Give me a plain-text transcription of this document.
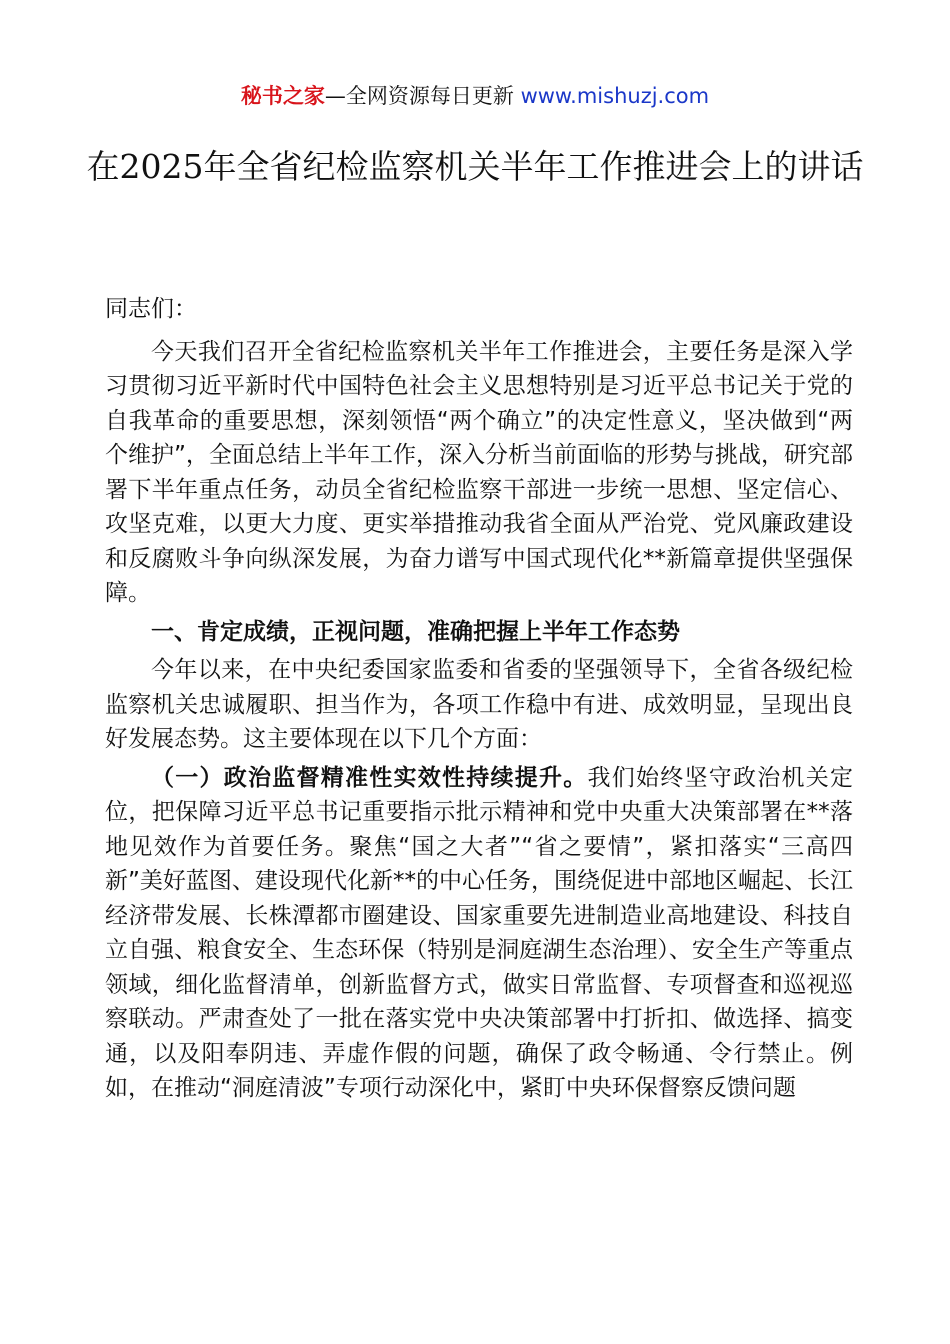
秘书之家—全网资源每日更新 www.mishuzj.com
在2025年全省纪检监察机关半年工作推进会上的讲话

同志们：

今天我们召开全省纪检监察机关半年工作推进会，主要任务是深入学习贯彻习近平新时代中国特色社会主义思想特别是习近平总书记关于党的自我革命的重要思想，深刻领悟“两个确立”的决定性意义，坚决做到“两个维护”，全面总结上半年工作，深入分析当前面临的形势与挑战，研究部署下半年重点任务，动员全省纪检监察干部进一步统一思想、坚定信心、攻坚克难，以更大力度、更实举措推动我省全面从严治党、党风廉政建设和反腐败斗争向纵深发展，为奋力谱写中国式现代化**新篇章提供坚强保障。

一、肯定成绩，正视问题，准确把握上半年工作态势

今年以来，在中央纪委国家监委和省委的坚强领导下，全省各级纪检监察机关忠诚履职、担当作为，各项工作稳中有进、成效明显，呈现出良好发展态势。这主要体现在以下几个方面：

（一）政治监督精准性实效性持续提升。我们始终坚守政治机关定位，把保障习近平总书记重要指示批示精神和党中央重大决策部署在**落地见效作为首要任务。聚焦“国之大者”“省之要情”，紧扣落实“三高四新”美好蓝图、建设现代化新**的中心任务，围绕促进中部地区崛起、长江经济带发展、长株潭都市圈建设、国家重要先进制造业高地建设、科技自立自强、粮食安全、生态环保（特别是洞庭湖生态治理）、安全生产等重点领域，细化监督清单，创新监督方式，做实日常监督、专项督查和巡视巡察联动。严肃查处了一批在落实党中央决策部署中打折扣、做选择、搞变通，以及阳奉阴违、弄虚作假的问题，确保了政令畅通、令行禁止。例如，在推动“洞庭清波”专项行动深化中，紧盯中央环保督察反馈问题
